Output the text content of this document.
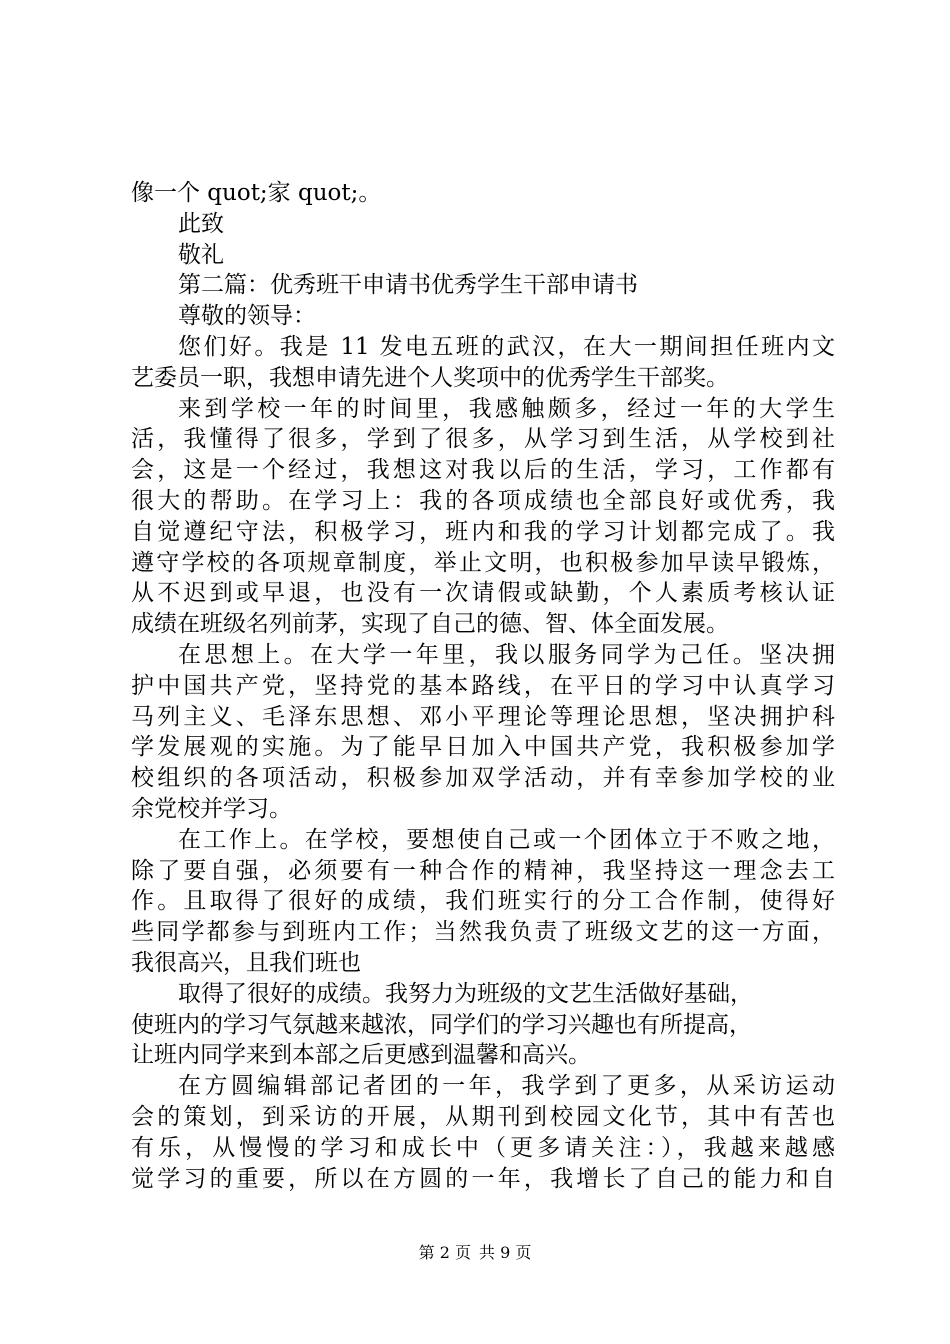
像一个 quot;家 quot;。
此致
敬礼
第二篇：优秀班干申请书优秀学生干部申请书
尊敬的领导：
您们好。我是 11 发电五班的武汉，在大一期间担任班内文
艺委员一职，我想申请先进个人奖项中的优秀学生干部奖。
来到学校一年的时间里，我感触颇多，经过一年的大学生
活，我懂得了很多，学到了很多，从学习到生活，从学校到社
会，这是一个经过，我想这对我以后的生活，学习，工作都有
很大的帮助。在学习上：我的各项成绩也全部良好或优秀，我
自觉遵纪守法，积极学习，班内和我的学习计划都完成了。我
遵守学校的各项规章制度，举止文明，也积极参加早读早锻炼，
从不迟到或早退，也没有一次请假或缺勤，个人素质考核认证
成绩在班级名列前茅，实现了自己的德、智、体全面发展。
在思想上。在大学一年里，我以服务同学为己任。坚决拥
护中国共产党，坚持党的基本路线，在平日的学习中认真学习
马列主义、毛泽东思想、邓小平理论等理论思想，坚决拥护科
学发展观的实施。为了能早日加入中国共产党，我积极参加学
校组织的各项活动，积极参加双学活动，并有幸参加学校的业
余党校并学习。
在工作上。在学校，要想使自己或一个团体立于不败之地，
除了要自强，必须要有一种合作的精神，我坚持这一理念去工
作。且取得了很好的成绩，我们班实行的分工合作制，使得好
些同学都参与到班内工作；当然我负责了班级文艺的这一方面，
我很高兴，且我们班也
取得了很好的成绩。我努力为班级的文艺生活做好基础，
使班内的学习气氛越来越浓，同学们的学习兴趣也有所提高，
让班内同学来到本部之后更感到温馨和高兴。
在方圆编辑部记者团的一年，我学到了更多，从采访运动
会的策划，到采访的开展，从期刊到校园文化节，其中有苦也
有乐，从慢慢的学习和成长中（更多请关注：），我越来越感
觉学习的重要，所以在方圆的一年，我增长了自己的能力和自
第 2 页 共 9 页
